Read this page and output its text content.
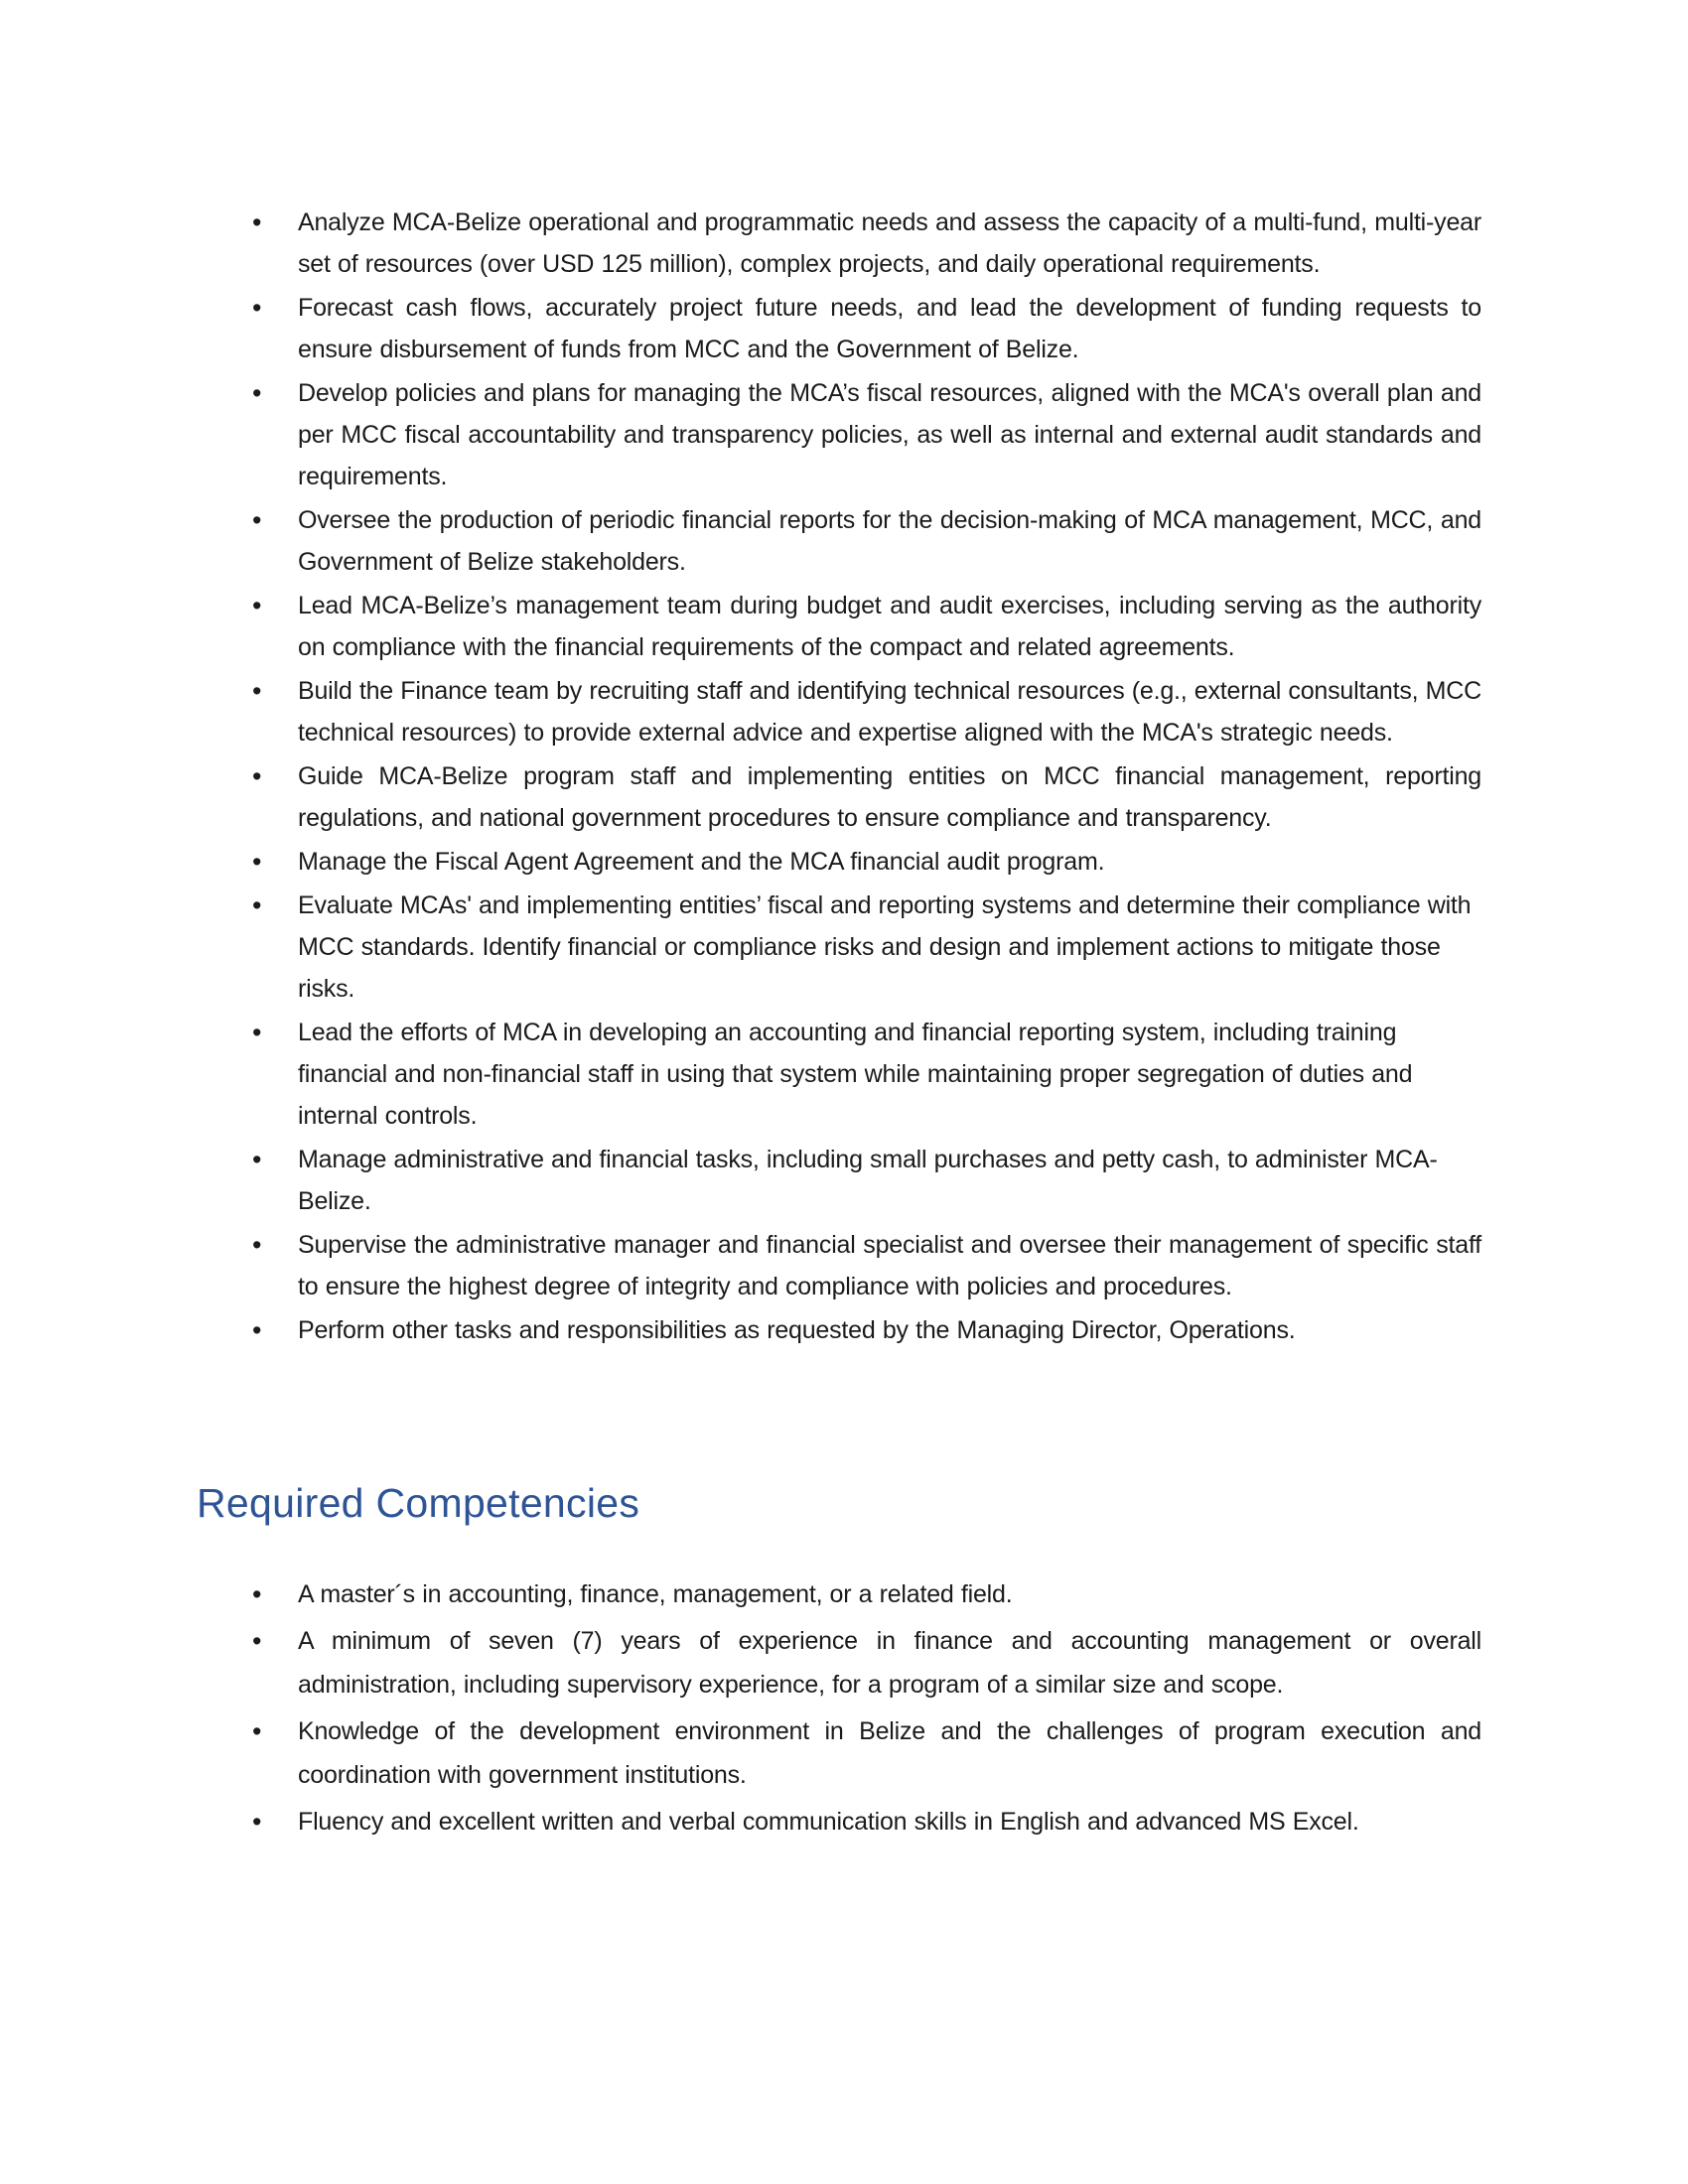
• Analyze MCA-Belize operational and programmatic needs and assess the capacity of a multi-fund, multi-year set of resources (over USD 125 million), complex projects, and daily operational requirements.
• Forecast cash flows, accurately project future needs, and lead the development of funding requests to ensure disbursement of funds from MCC and the Government of Belize.
• Develop policies and plans for managing the MCA’s fiscal resources, aligned with the MCA's overall plan and per MCC fiscal accountability and transparency policies, as well as internal and external audit standards and requirements.
• Oversee the production of periodic financial reports for the decision-making of MCA management, MCC, and Government of Belize stakeholders.
• Lead MCA-Belize’s management team during budget and audit exercises, including serving as the authority on compliance with the financial requirements of the compact and related agreements.
• Build the Finance team by recruiting staff and identifying technical resources (e.g., external consultants, MCC technical resources) to provide external advice and expertise aligned with the MCA's strategic needs.
• Guide MCA-Belize program staff and implementing entities on MCC financial management, reporting regulations, and national government procedures to ensure compliance and transparency.
• Manage the Fiscal Agent Agreement and the MCA financial audit program.
• Evaluate MCAs' and implementing entities’ fiscal and reporting systems and determine their compliance with MCC standards. Identify financial or compliance risks and design and implement actions to mitigate those risks.
• Lead the efforts of MCA in developing an accounting and financial reporting system, including training financial and non-financial staff in using that system while maintaining proper segregation of duties and internal controls.
• Manage administrative and financial tasks, including small purchases and petty cash, to administer MCA-Belize.
• Supervise the administrative manager and financial specialist and oversee their management of specific staff to ensure the highest degree of integrity and compliance with policies and procedures.
• Perform other tasks and responsibilities as requested by the Managing Director, Operations.
Required Competencies
• A master´s in accounting, finance, management, or a related field.
• A minimum of seven (7) years of experience in finance and accounting management or overall administration, including supervisory experience, for a program of a similar size and scope.
• Knowledge of the development environment in Belize and the challenges of program execution and coordination with government institutions.
• Fluency and excellent written and verbal communication skills in English and advanced MS Excel.
